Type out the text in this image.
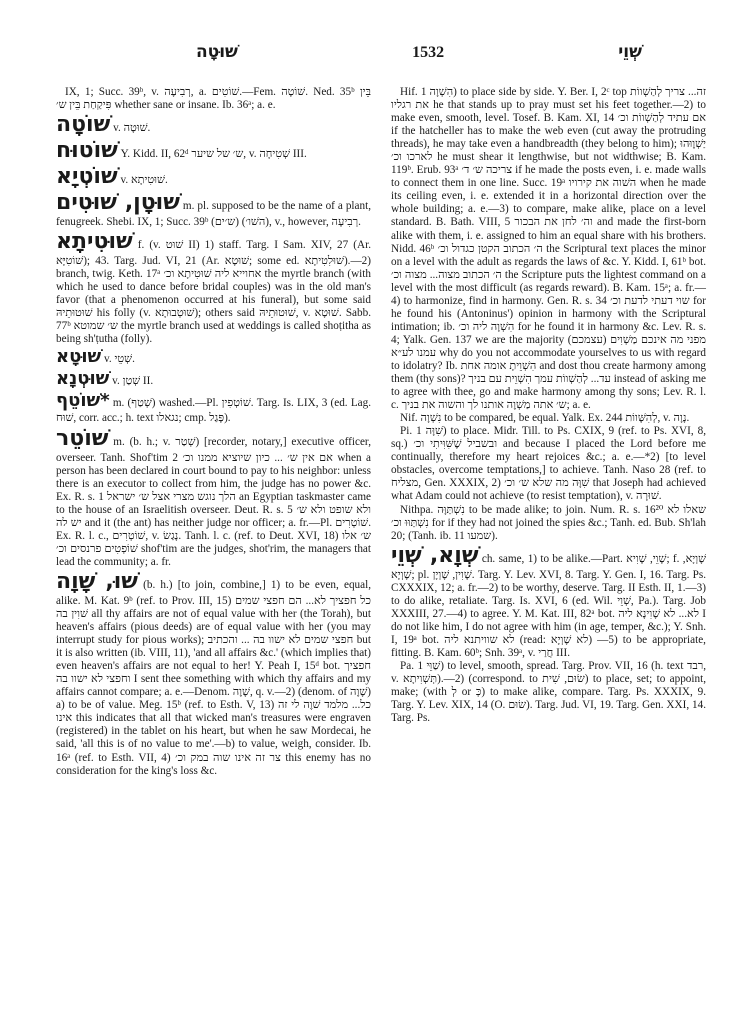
שׁוּטָה	1532	שְׁוֵי

IX, 1; Succ. 39ᵇ, v. רְבִיעָה, a. שׁוֹטִים.—Fem. שׁוֹטָה. Ned. 35ᵇ בֵּין פִּיקַחַת בֵּין ש׳ whether sane or insane. Ib. 36ᵃ; a. e.

שׁוֹטָה v. שׁוּטָה.

שׁוֹטוּח Y. Kidd. II, 62ᵈ ש׳ של שיער, v. שְׁטִיחָה III.

שׁוֹטְיָא v. שׁוּטִיתָא.

שׁוּטָן, שׁוּטִים m. pl. supposed to be the name of a plant, fenugreek. Shebi. IX, 1; Succ. 39ᵇ (ש׳ים) (השׁו׳), v., however, רְבִיעָה.

שׁוּטִיתָא f. (v. שׁוּט II) 1) staff. Targ. I Sam. XIV, 27 (Ar. שׁוֹטִיָּא); 43. Targ. Jud. VI, 21 (Ar. שׁוּטָא; some ed. שׁוּלִטִיתָא).—2) branch, twig. Keth. 17ᵃ אחוייא ליה שׁוּטִיתָא וכ׳ the myrtle branch (with which he used to dance before bridal couples) was in the old man's favor (that a phenomenon occurred at his funeral), but some said שׁוּטוּתֵיהּ his folly (v. שׁוּטְבוּתָא); others said שׁוּטוּתֵיהּ, v. שׁוּטָא. Sabb. 77ᵇ ש׳ שמוטא the myrtle branch used at weddings is called shoṭitha as being sh'ṭutha (folly).

שׁוּטָא v. שְׁטֵי.

שׁוּטְנָא v. שְׁטַן II.

*שׁוֹטֵף m. (שְׁטַף) washed.—Pl. שׁוֹטְפִין. Targ. Is. LIX, 3 (ed. Lag. שׁוּח, corr. acc.; h. text נגאלו; cmp. פָּגַל).

שׁוֹטֵר m. (b. h.; v. שְׁטַר) [recorder, notary,] executive officer, overseer. Tanh. Shof'tim 2 אם אין ש׳ ... כיון שיוציא ממנו וכ׳ when a person has been declared in court bound to pay to his neighbor: unless there is an executor to collect from him, the judge has no power &c. Ex. R. s. 1 הלך נוגש מצרי אצל ש׳ ישראל an Egyptian taskmaster came to the house of an Israelitish overseer. Deut. R. s. 5 ולא שופט ולא ש׳ יש לה and it (the ant) has neither judge nor officer; a. fr.—Pl. שׁוֹטְרִים. Ex. R. l. c., שׁוֹטְרִים, v. נָגַשׂ. Tanh. l. c. (ref. to Deut. XVI, 18) ש׳ אלו שׁוֹפְטִים פרנסים וכ׳ shof'tim are the judges, shot'rim, the managers that lead the community; a. fr.

שׁוּ, שָׁוָה (b. h.) [to join, combine,] 1) to be even, equal, alike. M. Kat. 9ᵇ (ref. to Prov. III, 15) כל חפציך לא... הם חפצי שמים שׁוִין בה all thy affairs are not of equal value with her (the Torah), but heaven's affairs (pious deeds) are of equal value with her (you may interrupt study for pious works); חפצי שמים לא ישוו בה ... והכתיב but it is also written (ib. VIII, 11), 'and all affairs &c.' (which implies that) even heaven's affairs are not equal to her! Y. Peah I, 15ᵈ bot. חפציך וחפצי לא ישוו בה I sent thee something with which thy affairs and my affairs cannot compare; a. e.—Denom. שָׁוֶה, q. v.—2) (denom. of שָׁוֶה) a) to be of value. Meg. 15ᵇ (ref. to Esth. V, 13) כל... מלמד שׁוֶה לי זה אינו this indicates that all that wicked man's treasures were engraven (registered) in the tablet on his heart, but when he saw Mordecai, he said, 'all this is of no value to me'.—b) to value, weigh, consider. Ib. 16ᵃ (ref. to Esth. VII, 4) צר זה אינו שוה במק וכ׳ this enemy has no consideration for the king's loss &c.

Hif. הִשְׁוָה 1) to place side by side. Y. Ber. I, 2ᶜ top זה... צריך לְהַשְׁווֹת את רגליו he that stands up to pray must set his feet together.—2) to make even, smooth, level. Tosef. B. Kam. XI, 14 אם עתיד לְהַשְׁווֹת וכ׳ if the hatcheller has to make the web even (cut away the protruding threads), he may take even a handbreadth (they belong to him); יַשְׁוֶוּהוּ לארכו וכ׳ he must shear it lengthwise, but not widthwise; B. Kam. 119ᵇ. Erub. 93ᵃ צריכה ש׳ ד׳ if he made the posts even, i. e. made walls to connect them in one line. Succ. 19ᵃ השׁוה את קירויו when he made its ceiling even, i. e. extended it in a horizontal direction over the whole building; a. e.—3) to compare, make alike, place on a level standard. B. Bath. VIII, 5 וה׳ לחן את הבכור and made the first-born alike with them, i. e. assigned to him an equal share with his brothers. Nidd. 46ᵇ ה׳ הכתוב הקטן כגדול וכ׳ the Scriptural text places the minor on a level with the adult as regards the laws of &c. Y. Kidd. I, 61ᵇ bot. ה׳ הכתוב מצוה... מצוה וכ׳ the Scripture puts the lightest command on a level with the most difficult (as regards reward). B. Kam. 15ᵃ; a. fr.—4) to harmonize, find in harmony. Gen. R. s. 34 שוי דעתי לדעת וכ׳ for he found his (Antoninus') opinion in harmony with the Scriptural intimation; ib. הִשְׁוָה ליה וכ׳ for he found it in harmony &c. Lev. R. s. 4; Yalk. Gen. 137 we are the majority מפני מה אינכם מַשְׁוִים (עצמכם) עמנו לע״א why do you not accommodate yourselves to us with regard to idolatry? Ib. הִשְׁוֵיתָ אומה אחת and dost thou create harmony among them (thy sons)? עד... לְהַשְׁווֹת עמך הִשְׁוֵית עם בניך instead of asking me to agree with thee, go and make harmony among thy sons; Lev. R. l. c. ש׳ אתה מַשְׁוֶה אותנו לך והשוה את בניך; a. e.

Nif. נִשְׁוָה to be compared, be equal. Yalk. Ex. 244 לְהִשָּׁווֹת, v. נָוָה.

Pi. שִׁוָּה 1) to place. Midr. Till. to Ps. CXIX, 9 (ref. to Ps. XVI, 8, sq.) ובשביל שֶׁשִּׁוִּיתִי וכ׳ and because I placed the Lord before me continually, therefore my heart rejoices &c.; a. e.—*2) [to level obstacles, overcome temptations,] to achieve. Tanh. Naso 28 (ref. to מצליח, Gen. XXXIX, 2) שִׁוָּה מה שלא ש׳ וכ׳ that Joseph had achieved what Adam could not achieve (to resist temptation), v. שׁוּרָה.

Nithpa. נִשְׁתַּוָּה to be made alike; to join. Num. R. s. 16²⁰ שאלו לא נִשְׁתַּוּוּ וכ׳ for if they had not joined the spies &c.; Tanh. ed. Bub. Sh'lah 20; (Tanh. ib. 11 שמעו).

שְׁוָא, שְׁוֵי ch. same, 1) to be alike.—Part. שָׁוֵי, שָׁוִיא; f. שָׁוְיָא, שָׁוְיָא; pl. שָׁוִין, שָׁוְיָן. Targ. Y. Lev. XVI, 8. Targ. Y. Gen. I, 16. Targ. Ps. CXXXIX, 12; a. fr.—2) to be worthy, deserve. Targ. II Esth. II, 1.—3) to do alike, retaliate. Targ. Is. XVI, 6 (ed. Wil. שְׁוֵי, Pa.). Targ. Job XXXIII, 27.—4) to agree. Y. M. Kat. III, 82ᵃ bot. לא... לא שָׁוִינָא ליה I do not like him, I do not agree with him (in age, temper, &c.); Y. Snh. I, 19ᵃ bot. לא שוויתנא ליה (read: לא שָׁוְיָא) —5) to be appropriate, fitting. B. Kam. 60ᵇ; Snh. 39ᵃ, v. חֲרַי III.

Pa. שַׁוֵּי 1) to level, smooth, spread. Targ. Prov. VII, 16 (h. text רבד, v. תְּשְׁוִיתָא).—2) (correspond. to שׂוּם, שִׁית) to place, set; to appoint, make; (with לְ or כְּ) to make alike, compare. Targ. Ps. XXXIX, 9. Targ. Y. Lev. XIX, 14 (O. שׂוּם). Targ. Jud. VI, 19. Targ. Gen. XXI, 14. Targ. Ps.
